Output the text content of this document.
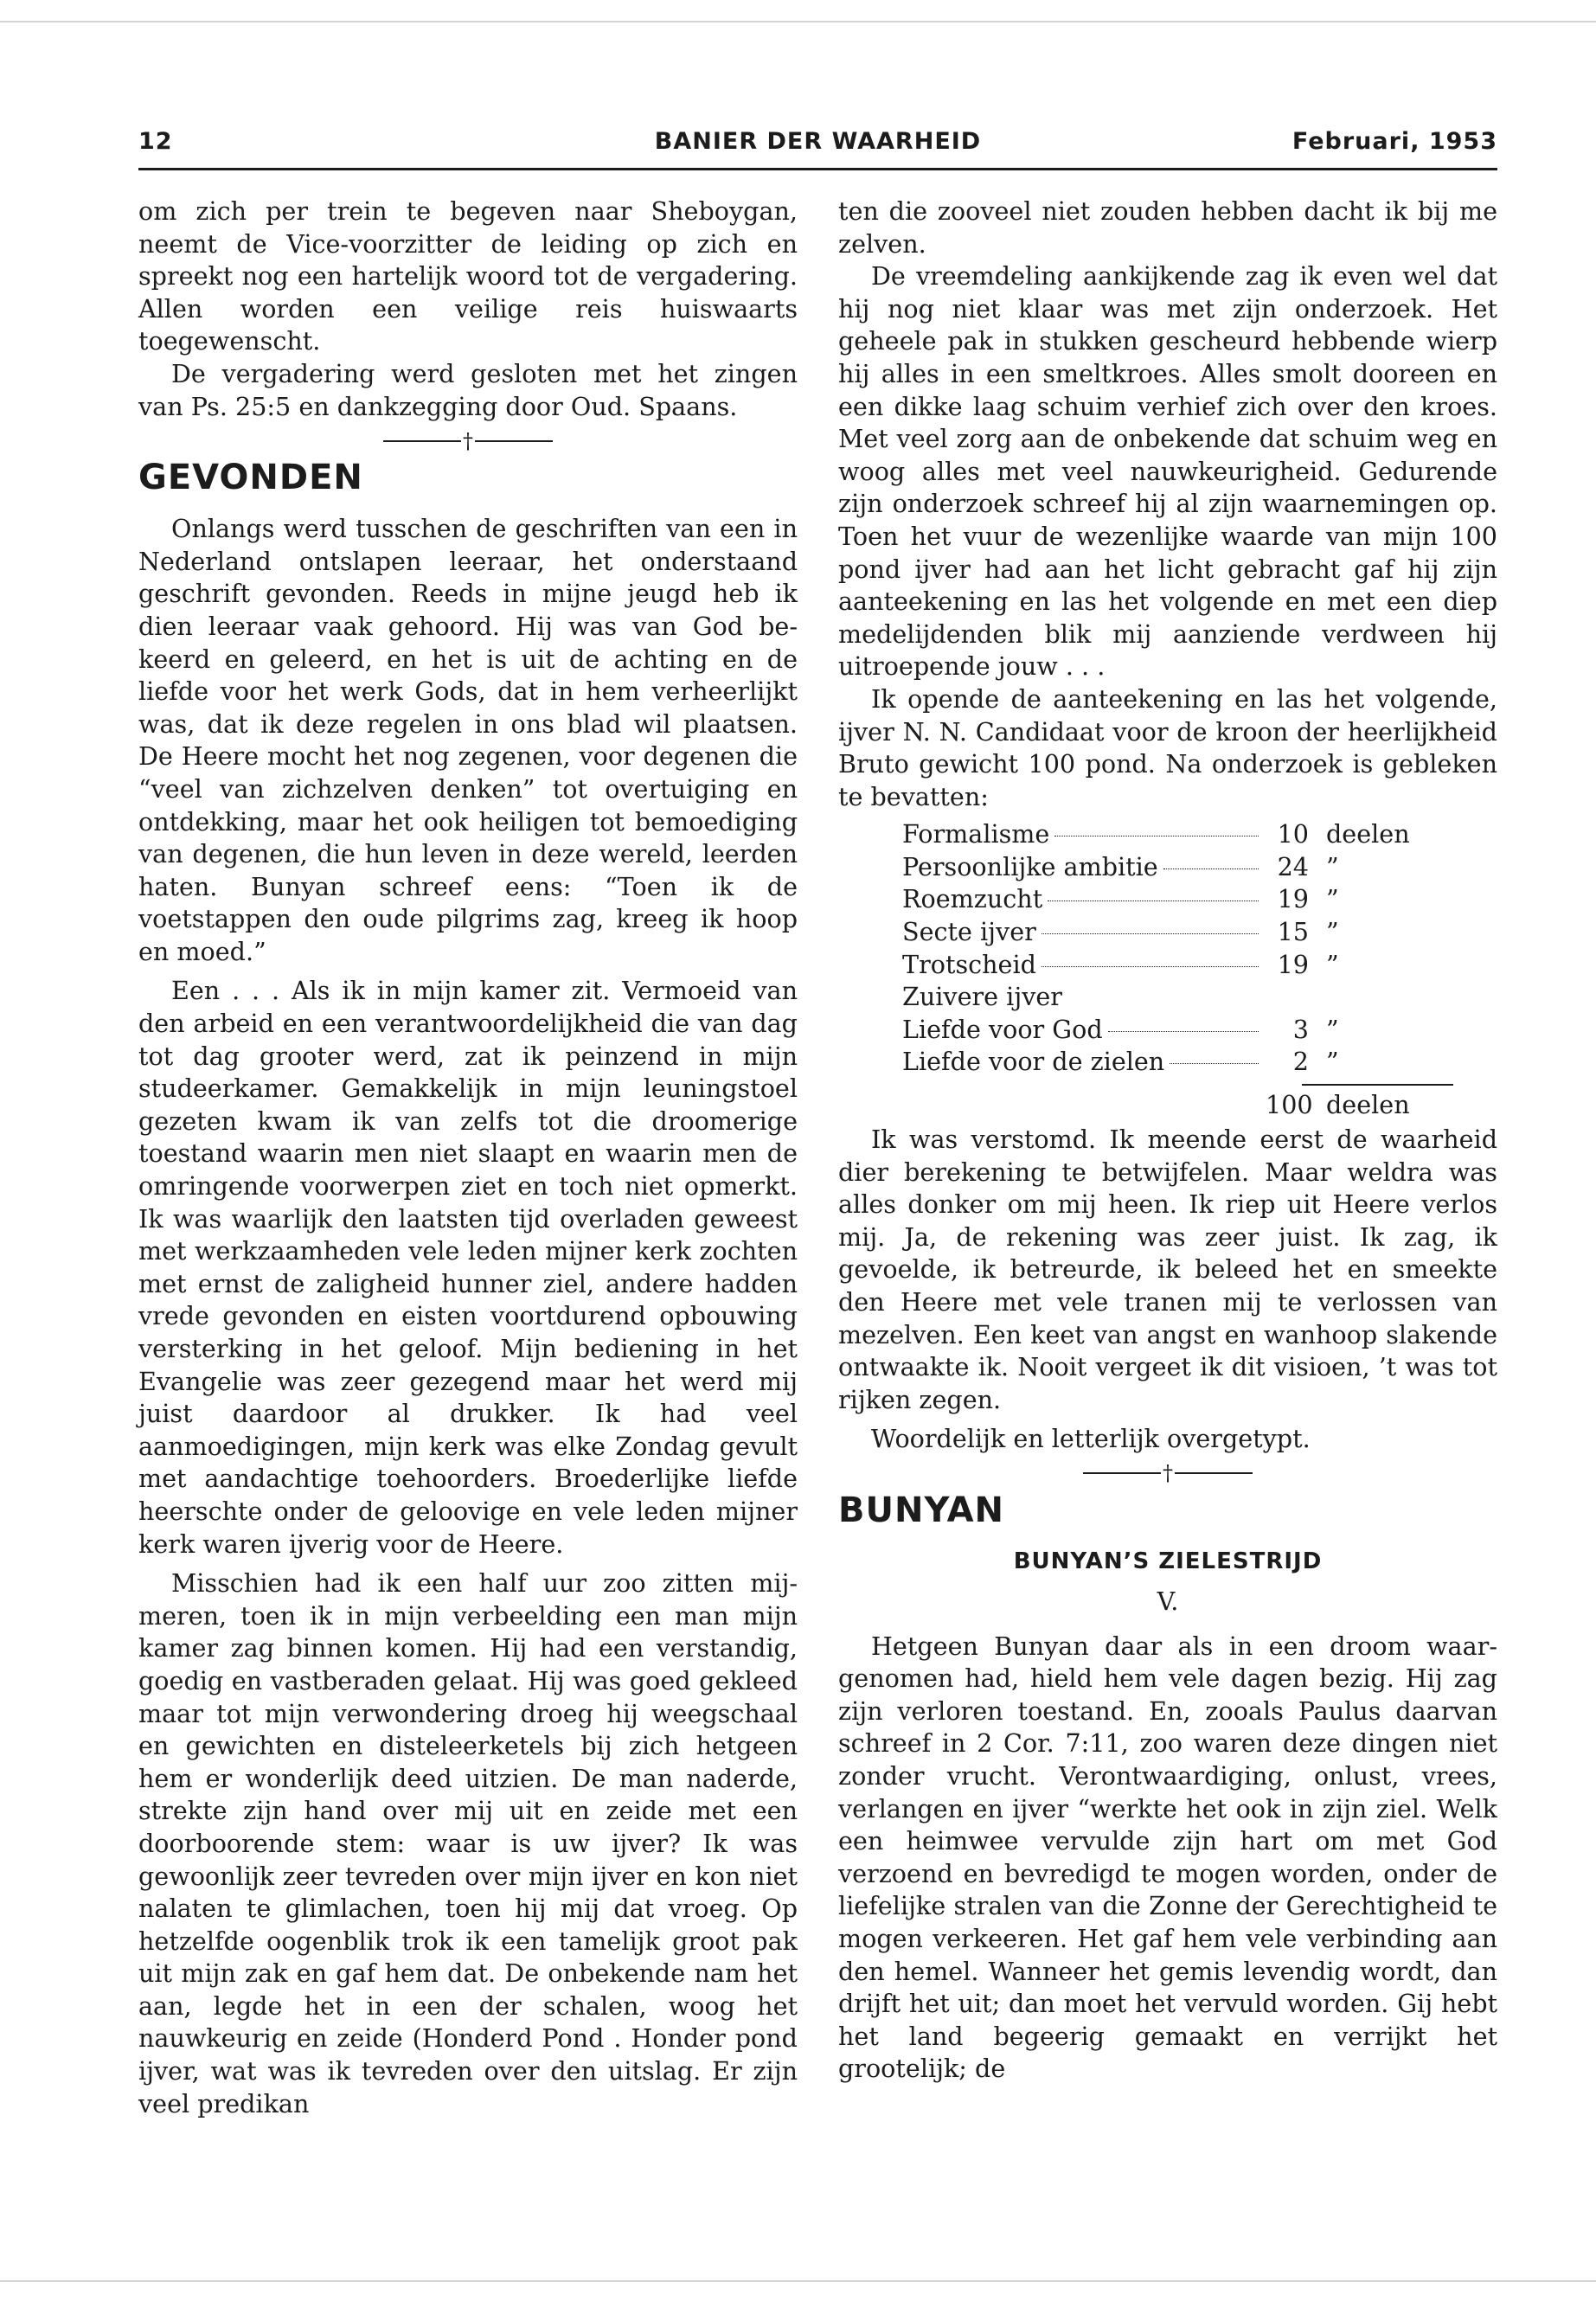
12	BANIER DER WAARHEID	Februari, 1953

om zich per trein te begeven naar Sheboygan, neemt de Vice-voorzitter de leiding op zich en spreekt nog een hartelijk woord tot de vergadering. Allen worden een veilige reis huiswaarts toegewenscht.

De vergadering werd gesloten met het zingen van Ps. 25:5 en dankzegging door Oud. Spaans.

†
GEVONDEN

Onlangs werd tusschen de geschriften van een in Nederland ontslapen leeraar, het onderstaand geschrift gevonden. Reeds in mijne jeugd heb ik dien leeraar vaak gehoord. Hij was van God bekeerd en geleerd, en het is uit de achting en de liefde voor het werk Gods, dat in hem verheerlijkt was, dat ik deze regelen in ons blad wil plaatsen. De Heere mocht het nog zegenen, voor degenen die “veel van zichzelven denken” tot overtuiging en ontdekking, maar het ook heiligen tot bemoediging van degenen, die hun leven in deze wereld, leerden haten. Bunyan schreef eens: “Toen ik de voetstappen den oude pilgrims zag, kreeg ik hoop en moed.”

Een . . . Als ik in mijn kamer zit. Vermoeid van den arbeid en een verantwoordelijkheid die van dag tot dag grooter werd, zat ik peinzend in mijn studeerkamer. Gemakkelijk in mijn leuningstoel gezeten kwam ik van zelfs tot die droomerige toestand waarin men niet slaapt en waarin men de omringende voorwerpen ziet en toch niet opmerkt. Ik was waarlijk den laatsten tijd overladen geweest met werkzaamheden vele leden mijner kerk zochten met ernst de zaligheid hunner ziel, andere hadden vrede gevonden en eisten voortdurend opbouwing versterking in het geloof. Mijn bediening in het Evangelie was zeer gezegend maar het werd mij juist daardoor al drukker. Ik had veel aanmoedigingen, mijn kerk was elke Zondag gevult met aandachtige toehoorders. Broederlijke liefde heerschte onder de geloovige en vele leden mijner kerk waren ijverig voor de Heere.

Misschien had ik een half uur zoo zitten mijmeren, toen ik in mijn verbeelding een man mijn kamer zag binnen komen. Hij had een verstandig, goedig en vastberaden gelaat. Hij was goed gekleed maar tot mijn verwondering droeg hij weegschaal en gewichten en disteleerketels bij zich hetgeen hem er wonderlijk deed uitzien. De man naderde, strekte zijn hand over mij uit en zeide met een doorboorende stem: waar is uw ijver? Ik was gewoonlijk zeer tevreden over mijn ijver en kon niet nalaten te glimlachen, toen hij mij dat vroeg. Op hetzelfde oogenblik trok ik een tamelijk groot pak uit mijn zak en gaf hem dat. De onbekende nam het aan, legde het in een der schalen, woog het nauwkeurig en zeide (Honderd Pond . Honder pond ijver, wat was ik tevreden over den uitslag. Er zijn veel predikan

ten die zooveel niet zouden hebben dacht ik bij me zelven.

De vreemdeling aankijkende zag ik even wel dat hij nog niet klaar was met zijn onderzoek. Het geheele pak in stukken gescheurd hebbende wierp hij alles in een smeltkroes. Alles smolt dooreen en een dikke laag schuim verhief zich over den kroes. Met veel zorg aan de onbekende dat schuim weg en woog alles met veel nauwkeurigheid. Gedurende zijn onderzoek schreef hij al zijn waarnemingen op. Toen het vuur de wezenlijke waarde van mijn 100 pond ijver had aan het licht gebracht gaf hij zijn aanteekening en las het volgende en met een diep medelijdenden blik mij aanziende verdween hij uitroepende jouw . . .

Ik opende de aanteekening en las het volgende, ijver N. N. Candidaat voor de kroon der heerlijkheid Bruto gewicht 100 pond. Na onderzoek is gebleken te bevatten:

Formalisme	10 deelen
Persoonlijke ambitie	24 ”
Roemzucht	19 ”
Secte ijver	15 ”
Trotscheid	19 ”
Zuivere ijver
Liefde voor God	3 ”
Liefde voor de zielen	2 ”
100 deelen

Ik was verstomd. Ik meende eerst de waarheid dier berekening te betwijfelen. Maar weldra was alles donker om mij heen. Ik riep uit Heere verlos mij. Ja, de rekening was zeer juist. Ik zag, ik gevoelde, ik betreurde, ik beleed het en smeekte den Heere met vele tranen mij te verlossen van mezelven. Een keet van angst en wanhoop slakende ontwaakte ik. Nooit vergeet ik dit visioen, ’t was tot rijken zegen.

Woordelijk en letterlijk overgetypt.

†
BUNYAN
BUNYAN’S ZIELESTRIJD
V.

Hetgeen Bunyan daar als in een droom waargenomen had, hield hem vele dagen bezig. Hij zag zijn verloren toestand. En, zooals Paulus daarvan schreef in 2 Cor. 7:11, zoo waren deze dingen niet zonder vrucht. Verontwaardiging, onlust, vrees, verlangen en ijver “werkte het ook in zijn ziel. Welk een heimwee vervulde zijn hart om met God verzoend en bevredigd te mogen worden, onder de liefelijke stralen van die Zonne der Gerechtigheid te mogen verkeeren. Het gaf hem vele verbinding aan den hemel. Wanneer het gemis levendig wordt, dan drijft het uit; dan moet het vervuld worden. Gij hebt het land begeerig gemaakt en verrijkt het grootelijk; de
